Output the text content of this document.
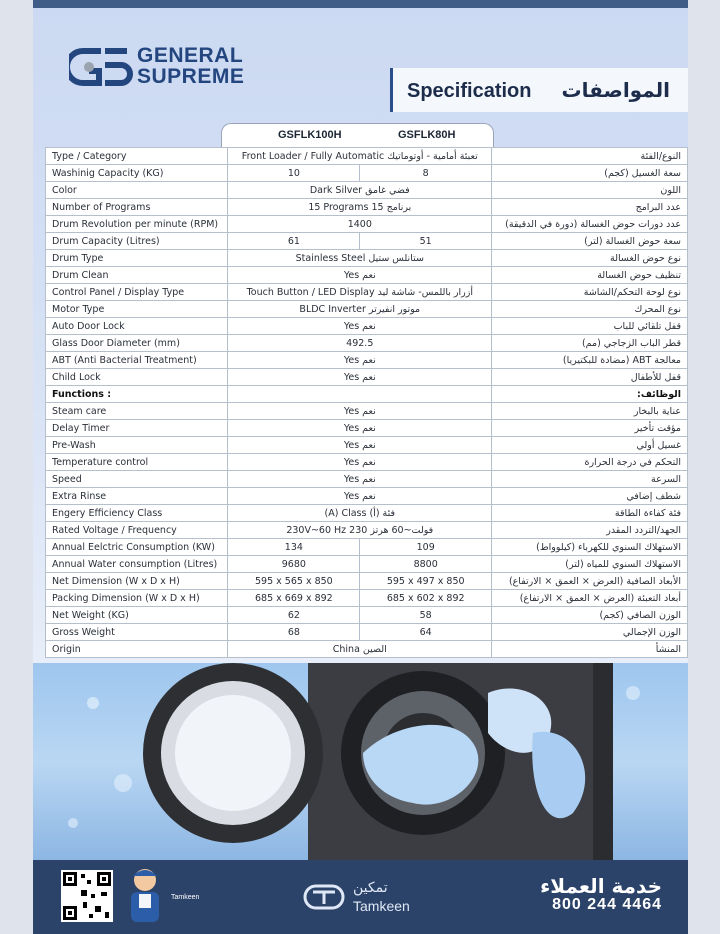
GENERAL
SUPREME
Specification المواصفات
GSFLK100H	GSFLK80H
Type / Category	Front Loader / Fully Automatic تعبئة أمامية - أوتوماتيك		النوع/الفئة
Washinig Capacity (KG)	10	8	سعة الغسيل (كجم)
Color	Dark Silver فضي غامق		اللون
Number of Programs	15 Programs 15 برنامج		عدد البرامج
Drum Revolution per minute (RPM)	1400		عدد دورات حوض الغسالة (دورة في الدقيقة)
Drum Capacity (Litres)	61	51	سعة حوض الغسالة (لتر)
Drum Type	Stainless Steel ستانلس ستيل		نوع حوض الغسالة
Drum Clean	Yes نعم		تنظيف حوض الغسالة
Control Panel / Display Type	Touch Button / LED Display أزرار باللمس- شاشة ليد		نوع لوحة التحكم/الشاشة
Motor Type	BLDC Inverter موتور انفيرتر		نوع المحرك
Auto Door Lock	Yes نعم		قفل تلقائي للباب
Glass Door Diameter (mm)	492.5		قطر الباب الزجاجي (مم)
ABT (Anti Bacterial Treatment)	Yes نعم		معالجة ABT (مضادة للبكتيريا)
Child Lock	Yes نعم		قفل للأطفال
Functions :			الوظائف:
Steam care	Yes نعم		عناية بالبخار
Delay Timer	Yes نعم		مؤقت تأخير
Pre-Wash	Yes نعم		غسيل أولي
Temperature control	Yes نعم		التحكم في درجة الحرارة
Speed	Yes نعم		السرعة
Extra Rinse	Yes نعم		شطف إضافي
Engery Efficiency Class	(A) Class فئة (أ)		فئة كفاءة الطاقة
Rated Voltage / Frequency	230V~60 Hz 230 فولت~60 هرتز		الجهد/التردد المقدر
Annual Eelctric Consumption (KW)	134	109	الاستهلاك السنوي للكهرباء (كيلوواط)
Annual Water consumption (Litres)	9680	8800	الاستهلاك السنوي للمياه (لتر)
Net Dimension (W x D x H)	595 x 565 x 850	595 x 497 x 850	الأبعاد الصافية (العرض × العمق × الارتفاع)
Packing Dimension (W x D x H)	685 x 669 x 892	685 x 602 x 892	أبعاد التعبئة (العرض × العمق × الارتفاع)
Net Weight (KG)	62	58	الوزن الصافي (كجم)
Gross Weight	68	64	الوزن الإجمالي
Origin	China الصين		المنشأ
Tamkeen
تمكين
Tamkeen
خدمة العملاء
800 244 4464
